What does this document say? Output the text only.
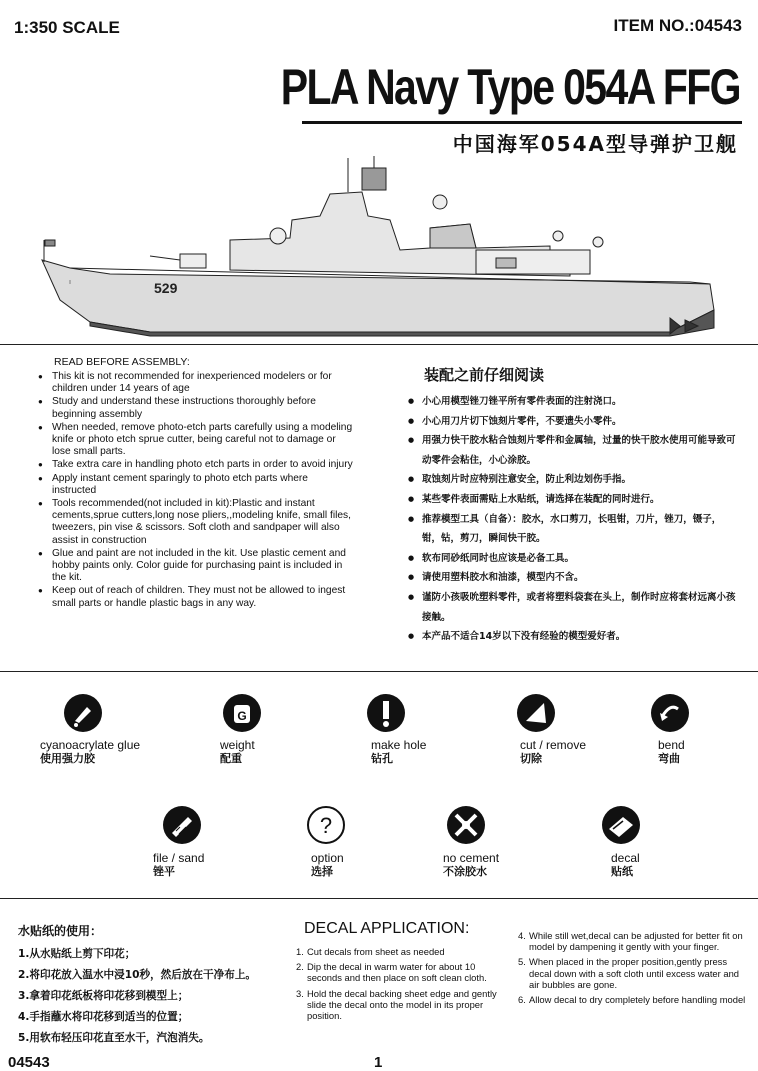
1:350 SCALE	ITEM NO.:04543
PLA Navy Type 054A FFG
中国海军054A型导弹护卫舰
529
READ BEFORE ASSEMBLY:
● This kit is not recommended for inexperienced modelers or for children under 14 years of age
● Study and understand these instructions thoroughly before beginning assembly
● When needed, remove photo-etch parts carefully using a modeling knife or photo etch sprue cutter, being careful not to damage or lose small parts.
● Take extra care in handling photo etch parts in order to avoid injury
● Apply instant cement sparingly to photo etch parts where instructed
● Tools recommended(not included in kit):Plastic and instant cements,sprue cutters,long nose pliers,,modeling knife, small files, tweezers, pin vise & scissors. Soft cloth and sandpaper will also assist in construction
● Glue and paint are not included in the kit. Use plastic cement and hobby paints only. Color guide for purchasing paint is included in the kit.
● Keep out of reach of children. They must not be allowed to ingest small parts or handle plastic bags in any way.
装配之前仔细阅读
● 小心用模型锉刀锉平所有零件表面的注射浇口。
● 小心用刀片切下蚀刻片零件，不要遗失小零件。
● 用强力快干胶水粘合蚀刻片零件和金属轴，过量的快干胶水使用可能导致可动零件会粘住，小心涂胶。
● 取蚀刻片时应特别注意安全，防止利边划伤手指。
● 某些零件表面需贴上水贴纸，请选择在装配的同时进行。
● 推荐模型工具（自备）：胶水，水口剪刀，长咀钳，刀片，锉刀，镊子，钳，钻，剪刀，瞬间快干胶。
● 软布同砂纸同时也应该是必备工具。
● 请使用塑料胶水和油漆，模型内不含。
● 谨防小孩吸吮塑料零件，或者将塑料袋套在头上，制作时应将套材远离小孩接触。
● 本产品不适合14岁以下没有经验的模型爱好者。
cyanoacrylate glue
使用强力胶
G
weight
配重
make hole
钻孔
cut / remove
切除
bend
弯曲
file / sand
锉平
?
option
选择
no cement
不涂胶水
decal
贴纸
水贴纸的使用：
1.从水贴纸上剪下印花；
2.将印花放入温水中浸10秒，然后放在干净布上。
3.拿着印花纸板将印花移到模型上；
4.手指蘸水将印花移到适当的位置；
5.用软布轻压印花直至水干，汽泡消失。
DECAL APPLICATION:
1. Cut decals from sheet as needed
2. Dip the decal in warm water for about 10 seconds and then place on soft clean cloth.
3. Hold the decal backing sheet edge and gently slide the decal onto the model in its proper position.
4. While still wet,decal can be adjusted for better fit on model by dampening it gently with your finger.
5. When placed in the proper position,gently press decal down with a soft cloth until excess water and air bubbles are gone.
6. Allow decal to dry completely before handling model
04543	1
